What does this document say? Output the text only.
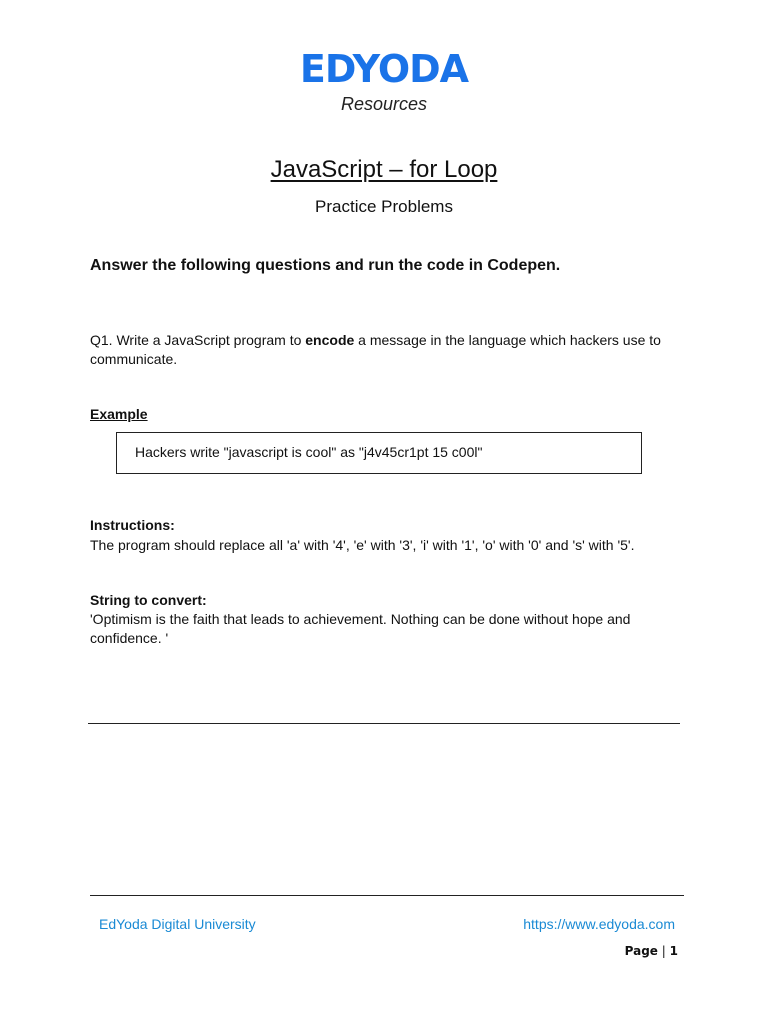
EDYODA
Resources
JavaScript – for Loop
Practice Problems
Answer the following questions and run the code in Codepen.
Q1. Write a JavaScript program to encode a message in the language which hackers use to communicate.
Example
Hackers write "javascript is cool" as "j4v45cr1pt 15 c00l"
Instructions:
The program should replace all 'a' with '4', 'e' with '3', 'i' with '1', 'o' with '0' and 's' with '5'.
String to convert:
'Optimism is the faith that leads to achievement. Nothing can be done without hope and confidence. '
EdYoda Digital University	https://www.edyoda.com
Page | 1
